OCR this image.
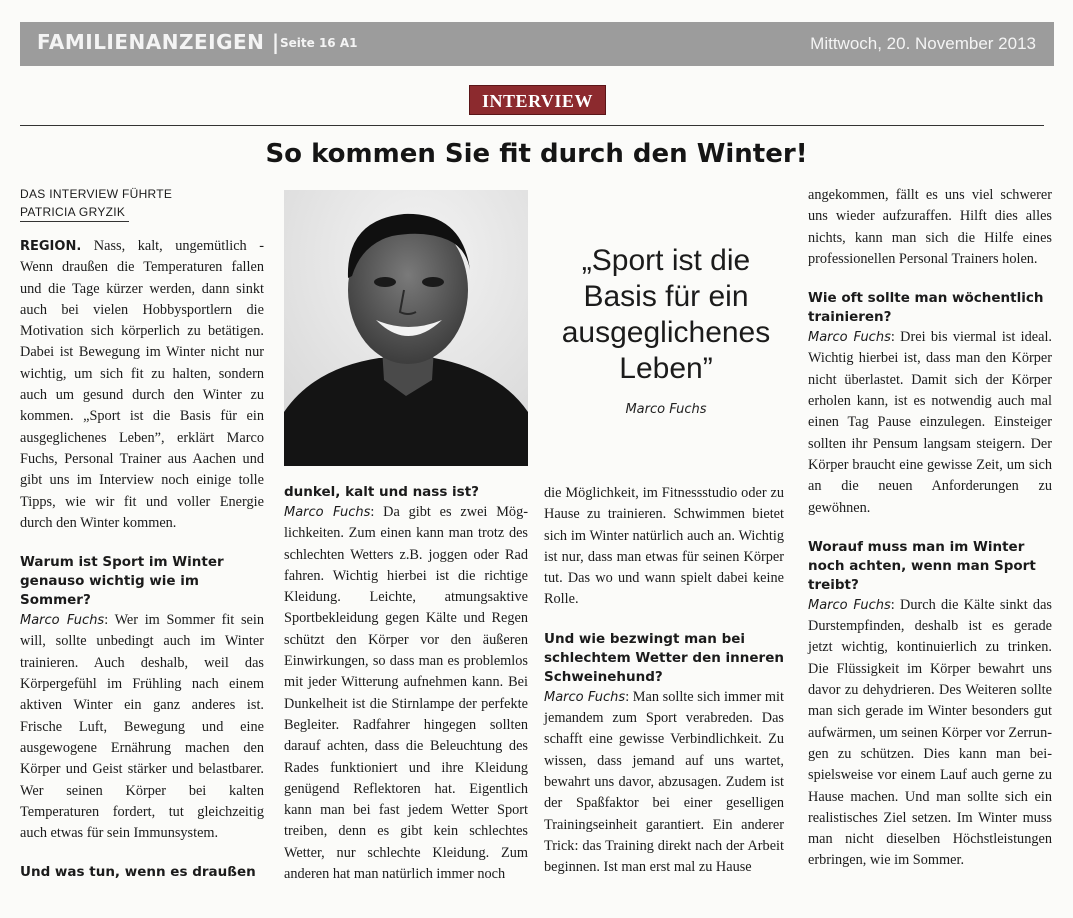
FAMILIENANZEIGEN | Seite 16 A1	Mittwoch, 20. November 2013
INTERVIEW
So kommen Sie fit durch den Winter!

DAS INTERVIEW FÜHRTE
PATRICIA GRYZIK

REGION. Nass, kalt, ungemütlich - Wenn draußen die Temperaturen fallen und die Tage kürzer werden, dann sinkt auch bei vielen Hobbysportlern die Motivation sich körperlich zu betätigen. Dabei ist Bewegung im Winter nicht nur wichtig, um sich fit zu halten, sondern auch um gesund durch den Winter zu kommen. „Sport ist die Basis für ein ausgeglichenes Leben”, erklärt Marco Fuchs, Personal Trainer aus Aachen und gibt uns im Interview noch einige tolle Tipps, wie wir fit und voller Energie durch den Winter kommen.

Warum ist Sport im Winter genauso wichtig wie im Sommer?

Marco Fuchs: Wer im Sommer fit sein will, sollte unbedingt auch im Winter trainieren. Auch deshalb, weil das Körpergefühl im Frühling nach einem aktiven Winter ein ganz anderes ist. Frische Luft, Bewegung und eine ausgewogene Ernährung machen den Körper und Geist stärker und belastbarer. Wer seinen Körper bei kalten Temperaturen fordert, tut gleichzeitig auch etwas für sein Immunsystem.

Und was tun, wenn es draußen

„Sport ist die Basis für ein ausgeglichenes Leben”
Marco Fuchs

dunkel, kalt und nass ist?

Marco Fuchs: Da gibt es zwei Möglichkeiten. Zum einen kann man trotz des schlechten Wetters z.B. joggen oder Rad fahren. Wichtig hierbei ist die richtige Kleidung. Leichte, atmungsaktive Sportbekleidung gegen Kälte und Regen schützt den Körper vor den äußeren Einwirkungen, so dass man es problemlos mit jeder Witterung aufnehmen kann. Bei Dunkelheit ist die Stirnlampe der perfekte Begleiter. Radfahrer hingegen sollten darauf achten, dass die Beleuchtung des Rades funktioniert und ihre Kleidung genügend Reflektoren hat. Eigentlich kann man bei fast jedem Wetter Sport treiben, denn es gibt kein schlechtes Wetter, nur schlechte Kleidung. Zum anderen hat man natürlich immer noch

die Möglichkeit, im Fitnessstudio oder zu Hause zu trainieren. Schwimmen bietet sich im Winter natürlich auch an. Wichtig ist nur, dass man etwas für seinen Körper tut. Das wo und wann spielt dabei keine Rolle.

Und wie bezwingt man bei schlechtem Wetter den inneren Schweinehund?

Marco Fuchs: Man sollte sich immer mit jemandem zum Sport verabreden. Das schafft eine gewisse Verbindlichkeit. Zu wissen, dass jemand auf uns wartet, bewahrt uns davor, abzusagen. Zudem ist der Spaßfaktor bei einer geselligen Trainingseinheit garantiert. Ein anderer Trick: das Training direkt nach der Arbeit beginnen. Ist man erst mal zu Hause

angekommen, fällt es uns viel schwerer uns wieder aufzuraffen. Hilft dies alles nichts, kann man sich die Hilfe eines professionellen Personal Trainers holen.

Wie oft sollte man wöchentlich trainieren?

Marco Fuchs: Drei bis viermal ist ideal. Wichtig hierbei ist, dass man den Körper nicht überlastet. Damit sich der Körper erholen kann, ist es notwendig auch mal einen Tag Pause einzulegen. Einsteiger sollten ihr Pensum langsam steigern. Der Körper braucht eine gewisse Zeit, um sich an die neuen Anforderungen zu gewöhnen.

Worauf muss man im Winter noch achten, wenn man Sport treibt?

Marco Fuchs: Durch die Kälte sinkt das Durstempfinden, deshalb ist es gerade jetzt wichtig, kontinuierlich zu trinken. Die Flüssigkeit im Körper bewahrt uns davor zu dehydrieren. Des Weiteren sollte man sich gerade im Winter besonders gut aufwärmen, um seinen Körper vor Zerrungen zu schützen. Dies kann man beispielsweise vor einem Lauf auch gerne zu Hause machen. Und man sollte sich ein realistisches Ziel setzen. Im Winter muss man nicht dieselben Höchstleistungen erbringen, wie im Sommer.
